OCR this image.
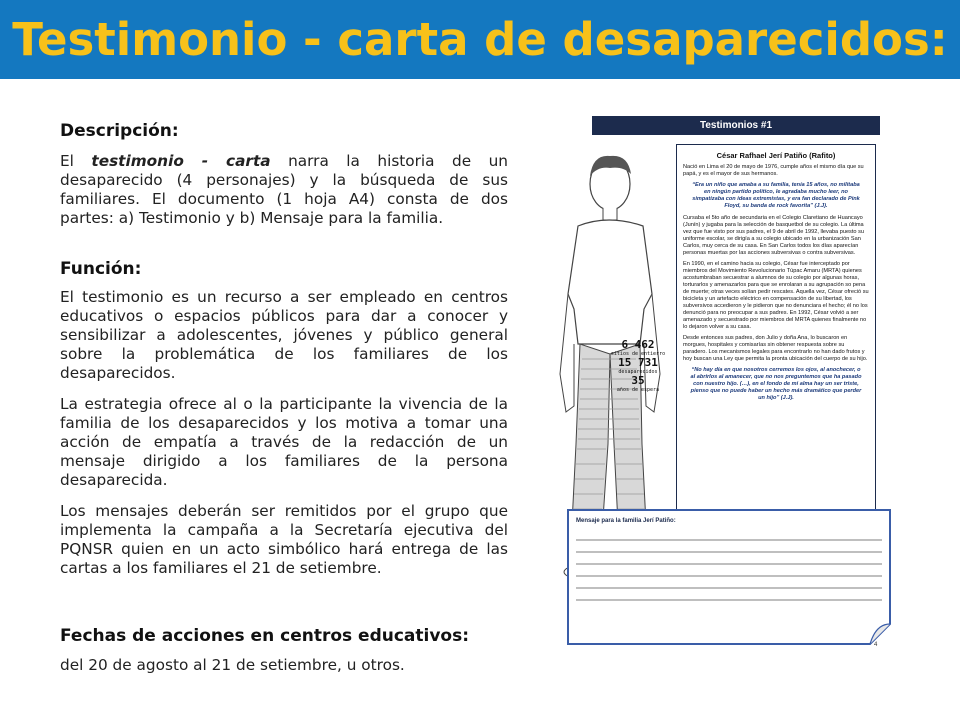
Testimonio - carta de desaparecidos:
Descripción:

El testimonio - carta narra la historia de un desaparecido (4 personajes) y la búsqueda de sus familiares. El documento (1 hoja A4) consta de dos partes: a) Testimonio y b) Mensaje para la familia.

Función:

El testimonio es un recurso a ser empleado en centros educativos o espacios públicos para dar a conocer y sensibilizar a adolescentes, jóvenes y público general sobre la problemática de los familiares de los desaparecidos.

La estrategia ofrece al o la participante la vivencia de la familia de los desaparecidos y los motiva a tomar una acción de empatía a través de la redacción de un mensaje dirigido a los familiares de la persona desaparecida.

Los mensajes deberán ser remitidos por el grupo que implementa la campaña a la Secretaría ejecutiva del PQNSR quien en un acto simbólico hará entrega de las cartas a los familiares el 21 de setiembre.

Fechas de acciones en centros educativos:

del 20 de agosto al 21 de setiembre, u otros.

Testimonios #1
6 462
sitios de entierro
15 731
desaparecidos
35
años de espera
César Rafhael Jerí Patiño (Rafito)

Nació en Lima el 20 de mayo de 1976, cumple años el mismo día que su papá, y es el mayor de sus hermanos.

“Era un niño que amaba a su familia, tenía 15 años, no militaba en ningún partido político, le agradaba mucho leer, no simpatizaba con ideas extremistas, y era fan declarado de Pink Floyd, su banda de rock favorita” (J.J).

Cursaba el 5to año de secundaria en el Colegio Claretiano de Huancayo (Junín) y jugaba para la selección de basquetbol de su colegio. La última vez que fue visto por sus padres, el 9 de abril de 1992, llevaba puesto su uniforme escolar, se dirigía a su colegio ubicado en la urbanización San Carlos, muy cerca de su casa. En San Carlos todos los días aparecían personas muertas por las acciones subversivas o contra subversivas.

En 1990, en el camino hacia su colegio, César fue interceptado por miembros del Movimiento Revolucionario Túpac Amaru (MRTA) quienes acostumbraban secuestrar a alumnos de su colegio por algunas horas, torturarlos y amenazarlos para que se enrolaran a su agrupación so pena de muerte; otras veces solían pedir rescates. Aquella vez, César ofreció su bicicleta y un artefacto eléctrico en compensación de su libertad, los subversivos accedieron y le pidieron que no denunciara el hecho; él no los denunció para no preocupar a sus padres. En 1992, César volvió a ser amenazado y secuestrado por miembros del MRTA quienes finalmente no lo dejaron volver a su casa.

Desde entonces sus padres, don Julio y doña Ana, lo buscaron en morgues, hospitales y comisarías sin obtener respuesta sobre su paradero. Los mecanismos legales para encontrarlo no han dado frutos y hoy buscan una Ley que permita la pronta ubicación del cuerpo de su hijo.

“No hay día en que nosotros cerremos los ojos, al anochecer, o al abrirlos al amanecer, que no nos preguntemos que ha pasado con nuestro hijo. (…), en el fondo de mi alma hay un ser triste, pienso que no puede haber un hecho más dramático que perder un hijo” (J.J).

Mensaje para la familia Jerí Patiño:
4
